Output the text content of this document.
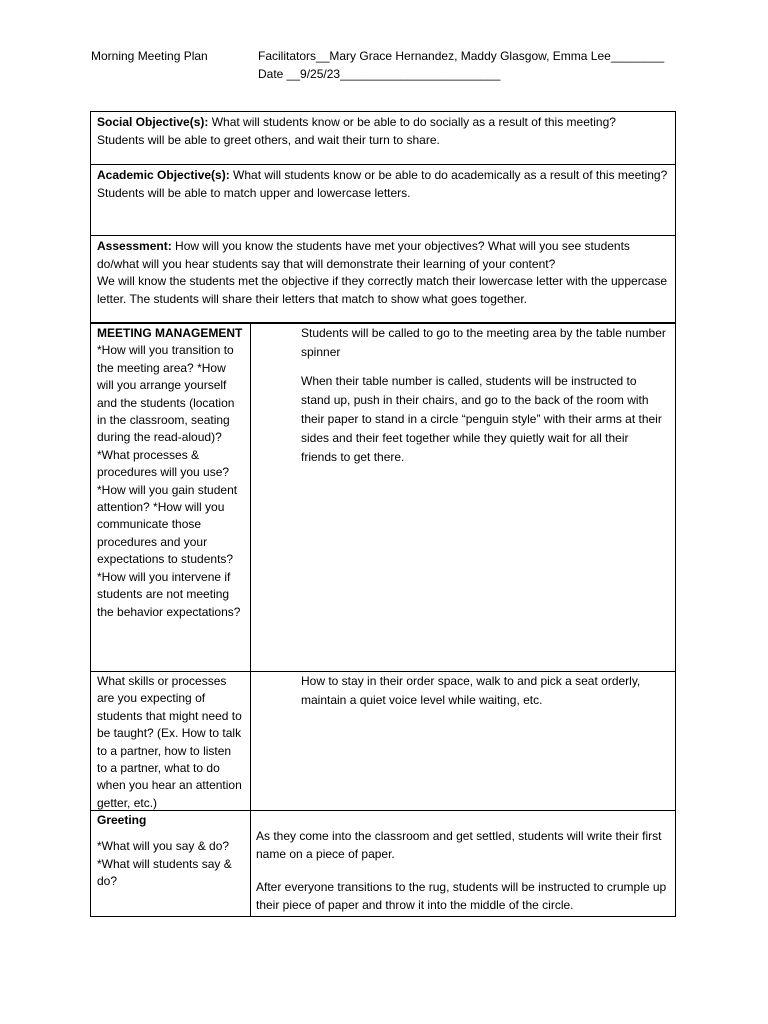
Morning Meeting Plan	Facilitators__Mary Grace Hernandez, Maddy Glasgow, Emma Lee________
Date __9/25/23________________________
Social Objective(s): What will students know or be able to do socially as a result of this meeting?
Students will be able to greet others, and wait their turn to share.
Academic Objective(s): What will students know or be able to do academically as a result of this meeting?
Students will be able to match upper and lowercase letters.
Assessment: How will you know the students have met your objectives? What will you see students do/what will you hear students say that will demonstrate their learning of your content?
We will know the students met the objective if they correctly match their lowercase letter with the uppercase letter. The students will share their letters that match to show what goes together.
MEETING MANAGEMENT
*How will you transition to the meeting area? *How will you arrange yourself and the students (location in the classroom, seating during the read-aloud)? *What processes & procedures will you use? *How will you gain student attention? *How will you communicate those procedures and your expectations to students? *How will you intervene if students are not meeting the behavior expectations?

Students will be called to go to the meeting area by the table number spinner

When their table number is called, students will be instructed to stand up, push in their chairs, and go to the back of the room with their paper to stand in a circle “penguin style” with their arms at their sides and their feet together while they quietly wait for all their friends to get there.

What skills or processes are you expecting of students that might need to be taught? (Ex. How to talk to a partner, how to listen to a partner, what to do when you hear an attention getter, etc.)

How to stay in their order space, walk to and pick a seat orderly, maintain a quiet voice level while waiting, etc.

Greeting

*What will you say & do?
*What will students say & do?

As they come into the classroom and get settled, students will write their first name on a piece of paper.

After everyone transitions to the rug, students will be instructed to crumple up their piece of paper and throw it into the middle of the circle.
